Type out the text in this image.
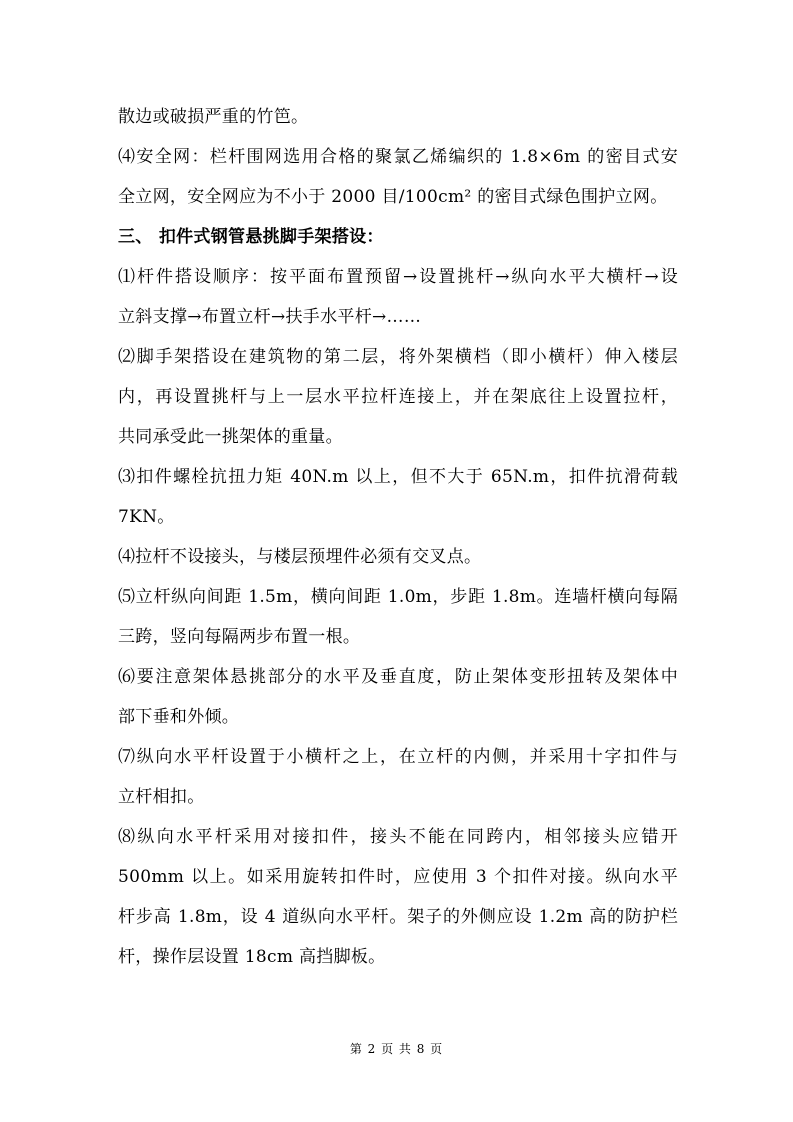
散边或破损严重的竹笆。
⑷安全网：栏杆围网选用合格的聚氯乙烯编织的 1.8×6m 的密目式安
全立网，安全网应为不小于 2000 目/100cm² 的密目式绿色围护立网。
三、 扣件式钢管悬挑脚手架搭设：
⑴杆件搭设顺序：按平面布置预留→设置挑杆→纵向水平大横杆→设
立斜支撑→布置立杆→扶手水平杆→……
⑵脚手架搭设在建筑物的第二层，将外架横档（即小横杆）伸入楼层
内，再设置挑杆与上一层水平拉杆连接上，并在架底往上设置拉杆，
共同承受此一挑架体的重量。
⑶扣件螺栓抗扭力矩 40N.m 以上，但不大于 65N.m，扣件抗滑荷载
7KN。
⑷拉杆不设接头，与楼层预埋件必须有交叉点。
⑸立杆纵向间距 1.5m，横向间距 1.0m，步距 1.8m。连墙杆横向每隔
三跨，竖向每隔两步布置一根。
⑹要注意架体悬挑部分的水平及垂直度，防止架体变形扭转及架体中
部下垂和外倾。
⑺纵向水平杆设置于小横杆之上，在立杆的内侧，并采用十字扣件与
立杆相扣。
⑻纵向水平杆采用对接扣件，接头不能在同跨内，相邻接头应错开
500mm 以上。如采用旋转扣件时，应使用 3 个扣件对接。纵向水平
杆步高 1.8m，设 4 道纵向水平杆。架子的外侧应设 1.2m 高的防护栏
杆，操作层设置 18cm 高挡脚板。
第 2 页 共 8 页
